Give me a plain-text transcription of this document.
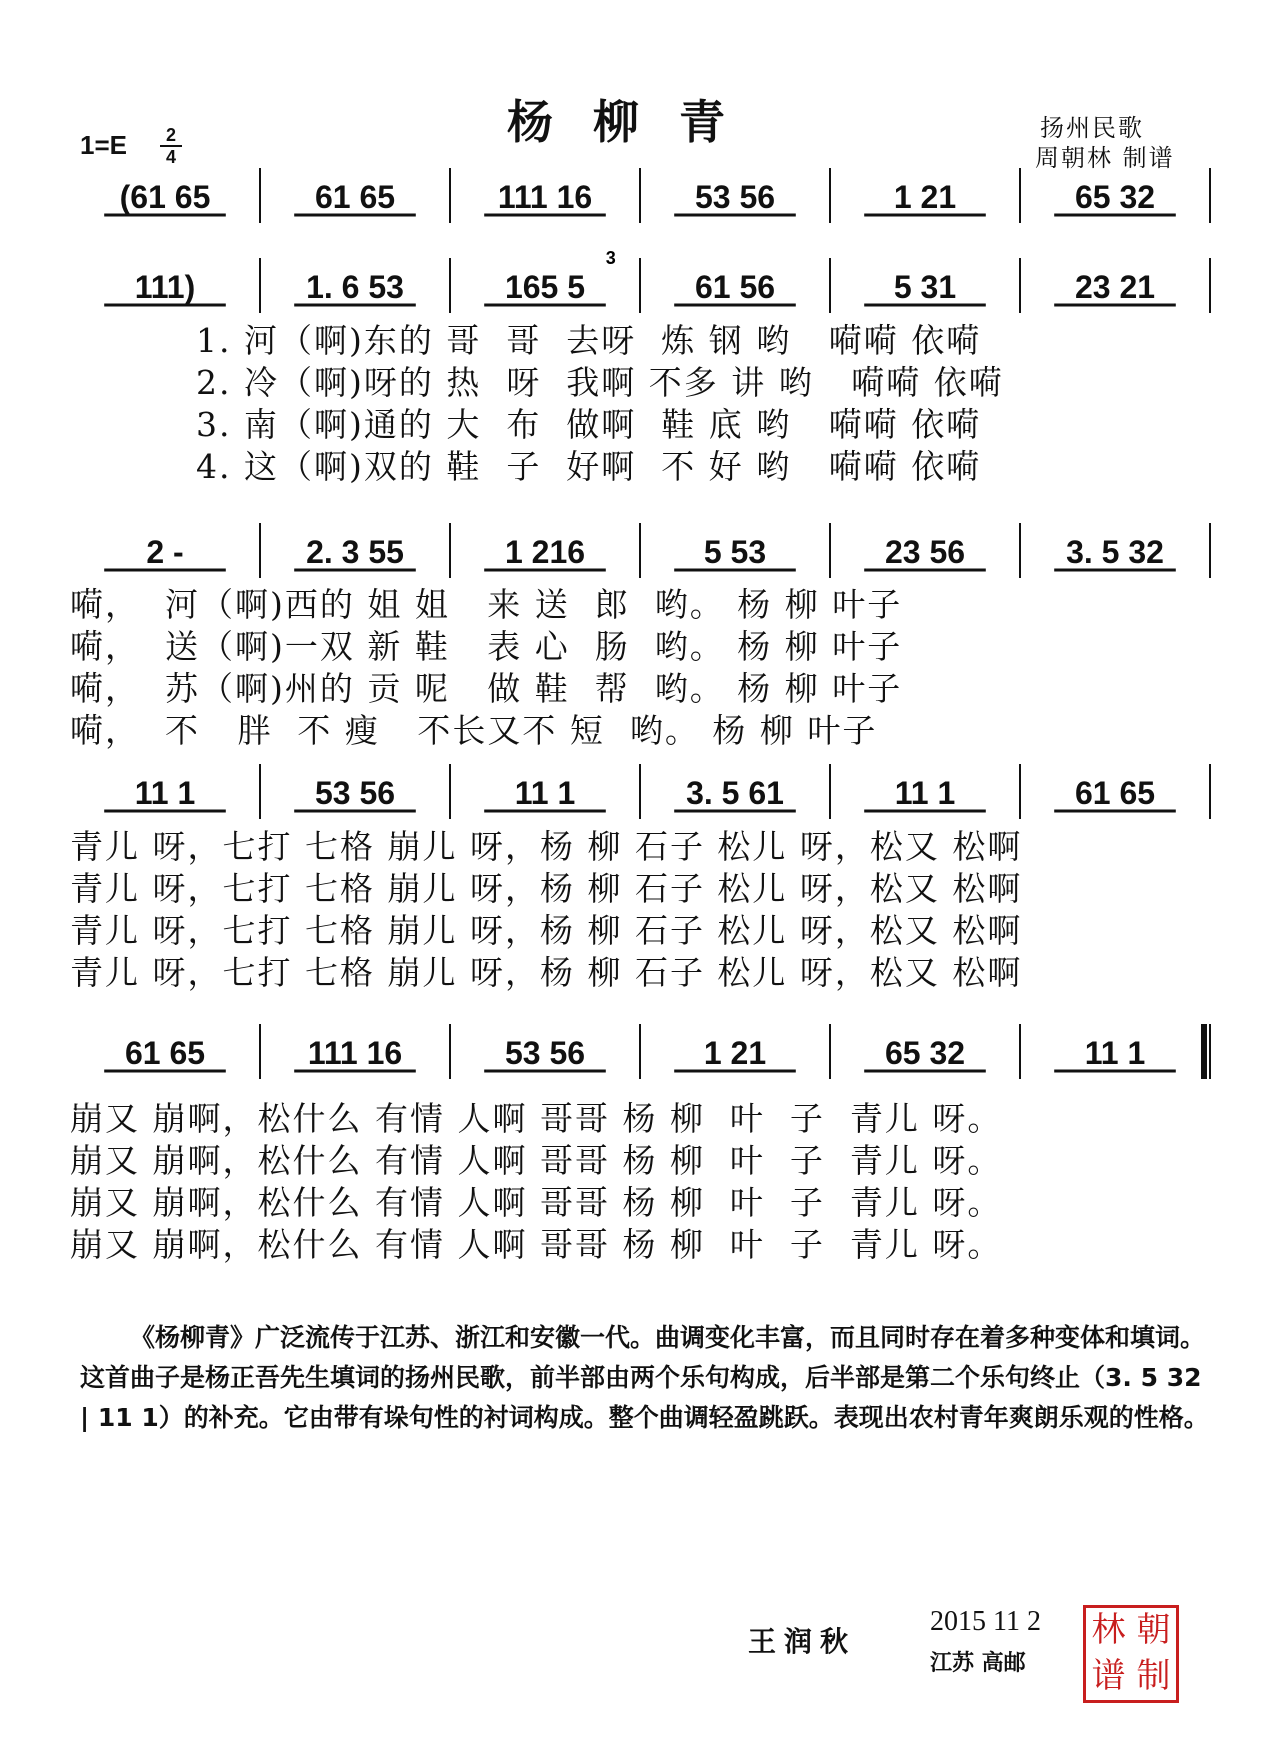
杨柳青
1=E	2
4
扬州民歌
周朝林 制谱
(61 65	61 65	111 16	53 56	1 21	65 32
111)	1. 6 53	165 5	61 56	5 31	23 21
3
2 -	2. 3 55	1 216	5 53	23 56	3. 5 32
11 1	53 56	11 1	3. 5 61	11 1	61 65
61 65	111 16	53 56	1 21	65 32	11 1
1. 河（啊)东的 哥  哥  去呀  炼 钢 哟   嗬嗬 依嗬
2. 冷（啊)呀的 热  呀  我啊 不多 讲 哟   嗬嗬 依嗬
3. 南（啊)通的 大  布  做啊  鞋 底 哟   嗬嗬 依嗬
4. 这（啊)双的 鞋  子  好啊  不 好 哟   嗬嗬 依嗬
嗬，  河（啊)西的 姐 姐   来 送  郎  哟。 杨 柳 叶子
嗬，  送（啊)一双 新 鞋   表 心  肠  哟。 杨 柳 叶子
嗬，  苏（啊)州的 贡 呢   做 鞋  帮  哟。 杨 柳 叶子
嗬，  不   胖  不 瘦   不长又不 短  哟。 杨 柳 叶子
青儿 呀，七打 七格 崩儿 呀，杨 柳 石子 松儿 呀，松又 松啊
青儿 呀，七打 七格 崩儿 呀，杨 柳 石子 松儿 呀，松又 松啊
青儿 呀，七打 七格 崩儿 呀，杨 柳 石子 松儿 呀，松又 松啊
青儿 呀，七打 七格 崩儿 呀，杨 柳 石子 松儿 呀，松又 松啊
崩又 崩啊，松什么 有情 人啊 哥哥 杨 柳  叶  子  青儿 呀。
崩又 崩啊，松什么 有情 人啊 哥哥 杨 柳  叶  子  青儿 呀。
崩又 崩啊，松什么 有情 人啊 哥哥 杨 柳  叶  子  青儿 呀。
崩又 崩啊，松什么 有情 人啊 哥哥 杨 柳  叶  子  青儿 呀。

《杨柳青》广泛流传于江苏、浙江和安徽一代。曲调变化丰富，而且同时存在着多种变体和填词。这首曲子是杨正吾先生填词的扬州民歌，前半部由两个乐句构成，后半部是第二个乐句终止（3. 5 32 | 11 1）的补充。它由带有垛句性的衬词构成。整个曲调轻盈跳跃。表现出农村青年爽朗乐观的性格。

王润秋
2015 11 2
江苏 高邮
林 朝
谱 制
